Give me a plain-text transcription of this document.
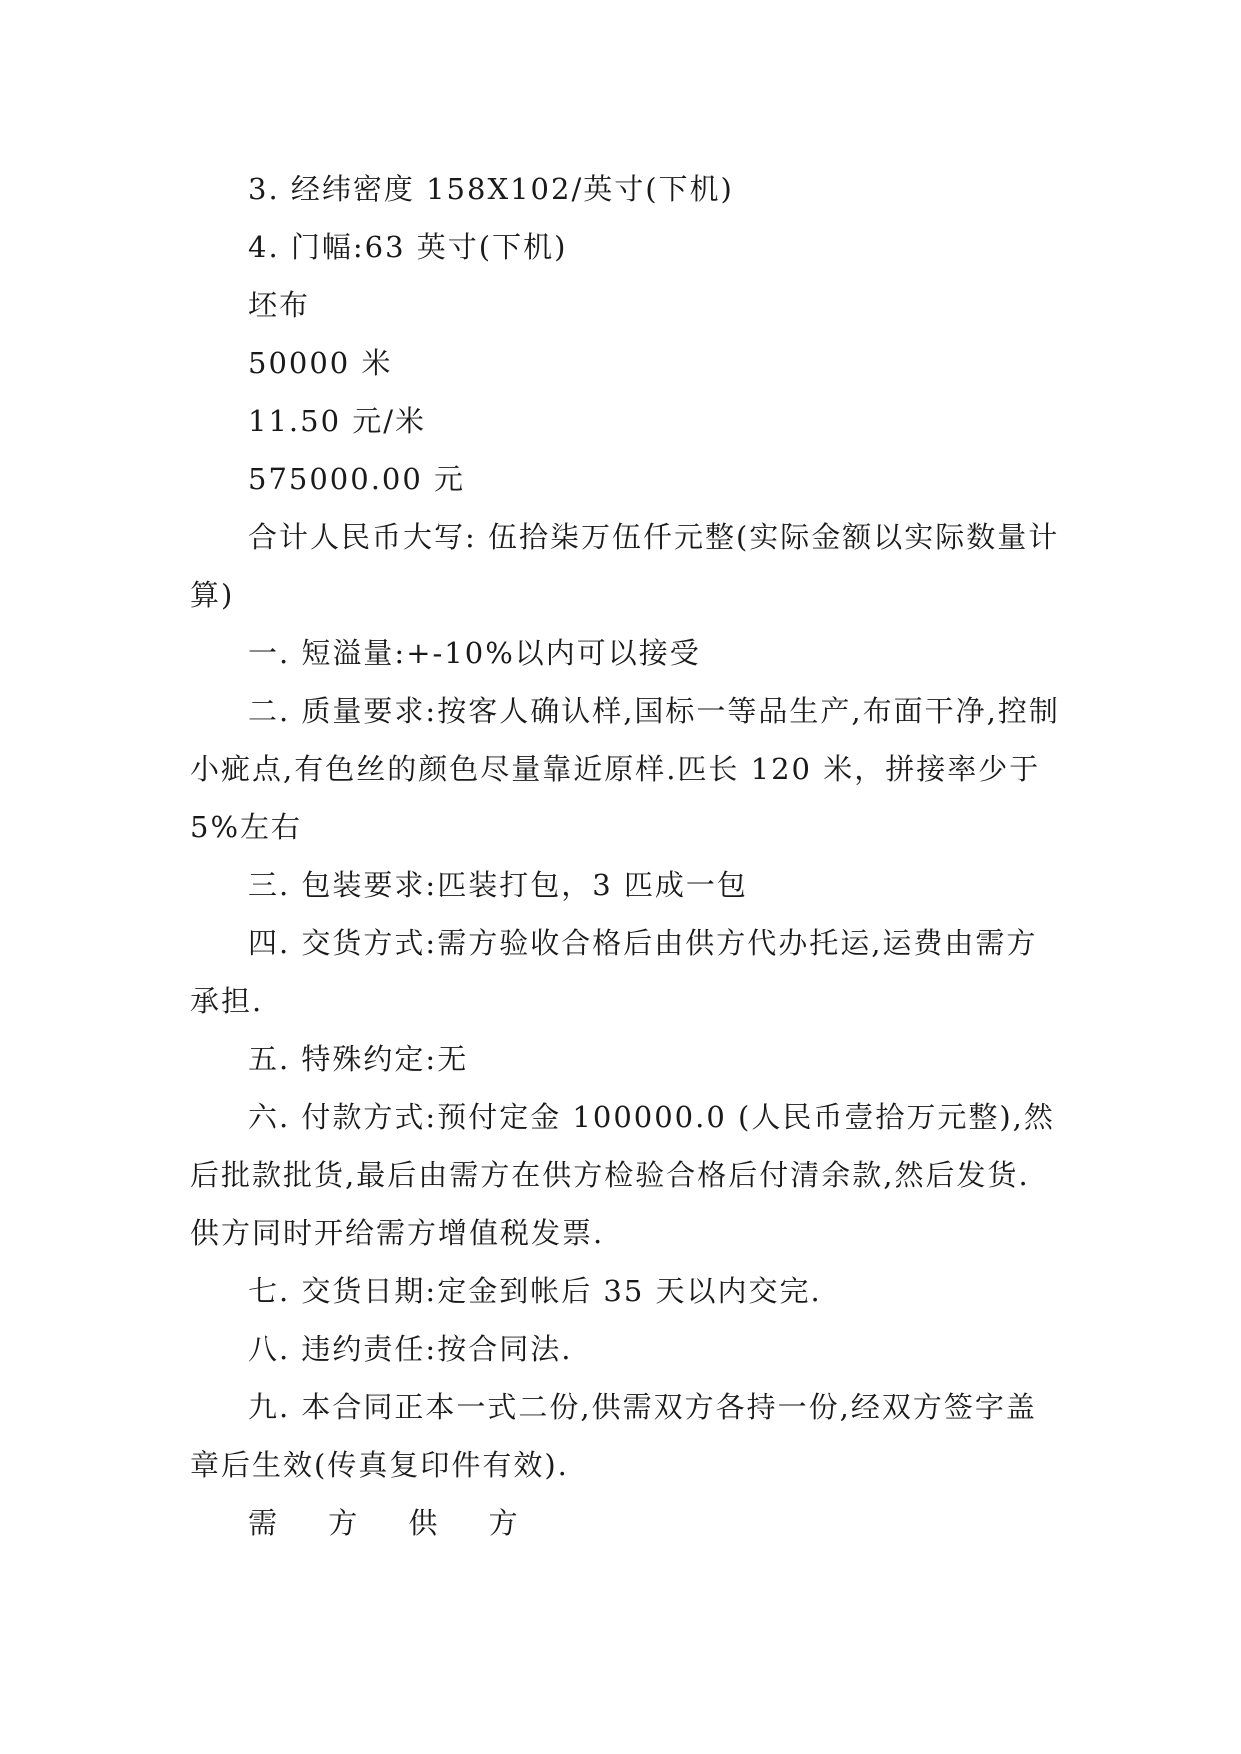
3. 经纬密度 158X102/英寸(下机)

4. 门幅:63 英寸(下机)

坯布

50000 米

11.50 元/米

575000.00 元

合计人民币大写: 伍拾柒万伍仟元整(实际金额以实际数量计算)

一. 短溢量:+-10%以内可以接受

二. 质量要求:按客人确认样,国标一等品生产,布面干净,控制小疵点,有色丝的颜色尽量靠近原样.匹长 120 米，拼接率少于 5%左右

三. 包装要求:匹装打包，3 匹成一包

四. 交货方式:需方验收合格后由供方代办托运,运费由需方承担.

五. 特殊约定:无

六. 付款方式:预付定金 100000.0 (人民币壹拾万元整),然后批款批货,最后由需方在供方检验合格后付清余款,然后发货.供方同时开给需方增值税发票.

七. 交货日期:定金到帐后 35 天以内交完.

八. 违约责任:按合同法.

九. 本合同正本一式二份,供需双方各持一份,经双方签字盖章后生效(传真复印件有效).

需 方 供 方
